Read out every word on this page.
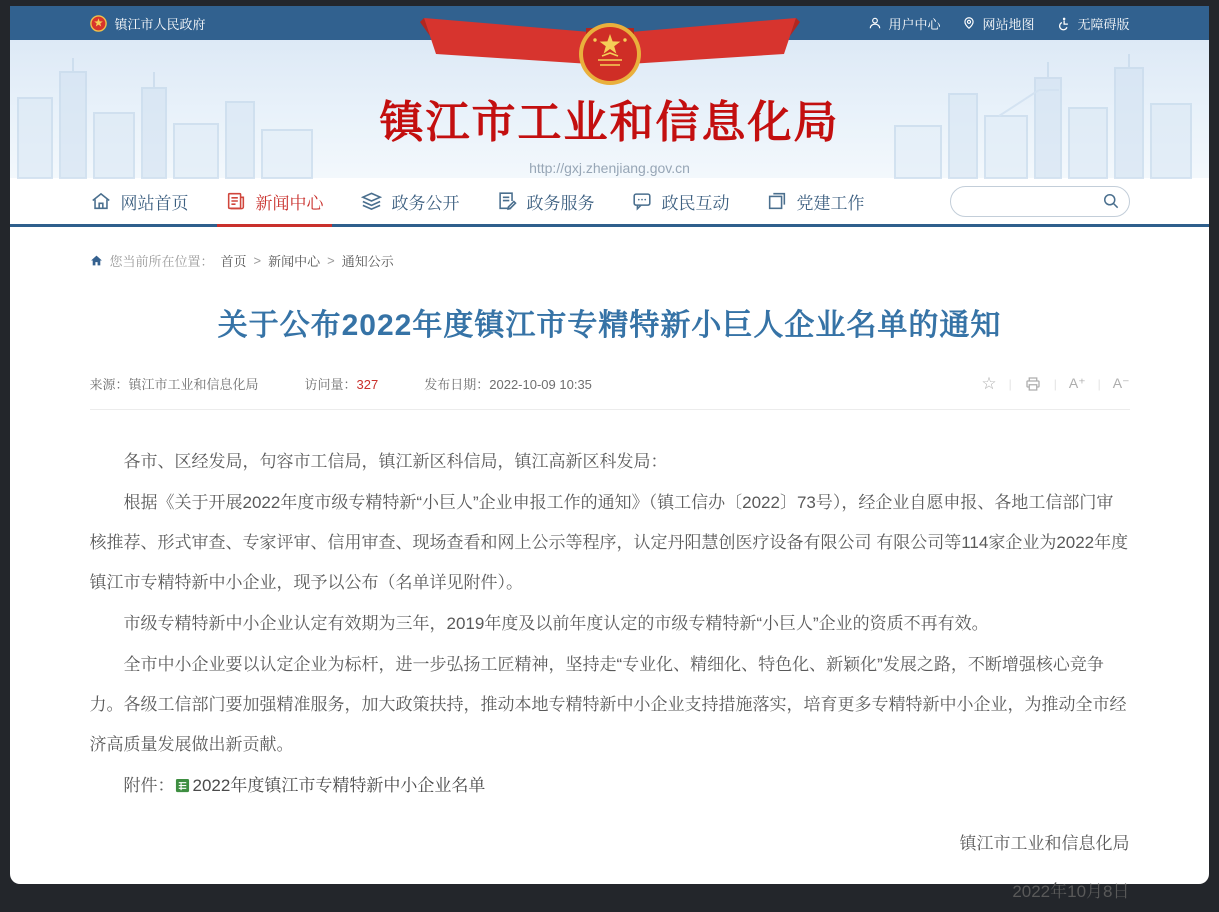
镇江市人民政府	用户中心	网站地图	无障碍版
镇江市工业和信息化局
http://gxj.zhenjiang.gov.cn
网站首页	新闻中心	政务公开	政务服务	政民互动	党建工作
您当前所在位置： 首页 > 新闻中心 > 通知公示
关于公布2022年度镇江市专精特新小巨人企业名单的通知
来源：镇江市工业和信息化局	访问量：327	发布日期：2022-10-09 10:35	☆ |	| A⁺ | A⁻

各市、区经发局，句容市工信局，镇江新区科信局，镇江高新区科发局：

根据《关于开展2022年度市级专精特新“小巨人”企业申报工作的通知》（镇工信办〔2022〕73号），经企业自愿申报、各地工信部门审核推荐、形式审查、专家评审、信用审查、现场查看和网上公示等程序，认定丹阳慧创医疗设备有限公司 有限公司等114家企业为2022年度镇江市专精特新中小企业，现予以公布（名单详见附件）。

市级专精特新中小企业认定有效期为三年，2019年度及以前年度认定的市级专精特新“小巨人”企业的资质不再有效。

全市中小企业要以认定企业为标杆，进一步弘扬工匠精神，坚持走“专业化、精细化、特色化、新颖化”发展之路，不断增强核心竞争力。各级工信部门要加强精准服务，加大政策扶持，推动本地专精特新中小企业支持措施落实，培育更多专精特新中小企业，为推动全市经济高质量发展做出新贡献。

附件： 2022年度镇江市专精特新中小企业名单
镇江市工业和信息化局
2022年10月8日
